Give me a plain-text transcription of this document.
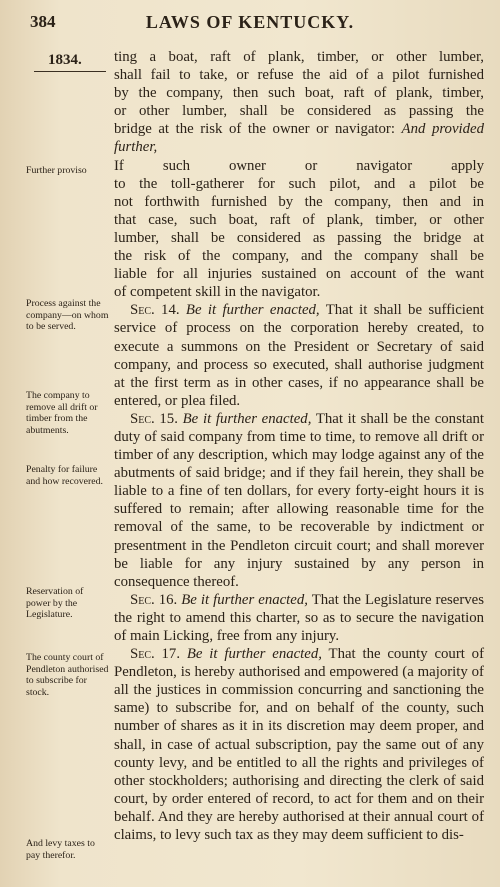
384	LAWS OF KENTUCKY.
1834.
Further proviso
Process against the company—on whom to be served.
The company to remove all drift or timber from the abutments.
Penalty for failure and how recovered.
Reservation of power by the Legislature.
The county court of Pendleton authorised to subscribe for stock.
And levy taxes to pay therefor.

ting a boat, raft of plank, timber, or other lumber,
shall fail to take, or refuse the aid of a pilot furnished
by the company, then such boat, raft of plank, timber,
or other lumber, shall be considered as passing the
bridge at the risk of the owner or navigator: And provided further,
If such owner or navigator apply
to the toll-gatherer for such pilot, and a pilot be
not forthwith furnished by the company, then and in
that case, such boat, raft of plank, timber, or other
lumber, shall be considered as passing the bridge at
the risk of the company, and the company shall be
liable for all injuries sustained on account of the want
of competent skill in the navigator.

Sec. 14. Be it further enacted, That it shall be sufficient service of process on the corporation hereby created, to execute a summons on the President or Secretary of said company, and process so executed, shall authorise judgment at the first term as in other cases, if no appearance shall be entered, or plea filed.

Sec. 15. Be it further enacted, That it shall be the constant duty of said company from time to time, to remove all drift or timber of any description, which may lodge against any of the abutments of said bridge; and if they fail herein, they shall be liable to a fine of ten dollars, for every forty-eight hours it is suffered to remain; after allowing reasonable time for the removal of the same, to be recoverable by indictment or presentment in the Pendleton circuit court; and shall morever be liable for any injury sustained by any person in consequence thereof.

Sec. 16. Be it further enacted, That the Legislature reserves the right to amend this charter, so as to secure the navigation of main Licking, free from any injury.

Sec. 17. Be it further enacted, That the county court of Pendleton, is hereby authorised and empowered (a majority of all the justices in commission concurring and sanctioning the same) to subscribe for, and on behalf of the county, such number of shares as it in its discretion may deem proper, and shall, in case of actual subscription, pay the same out of any county levy, and be entitled to all the rights and privileges of other stockholders; authorising and directing the clerk of said court, by order entered of record, to act for them and on their behalf. And they are hereby authorised at their annual court of claims, to levy such tax as they may deem sufficient to dis-
